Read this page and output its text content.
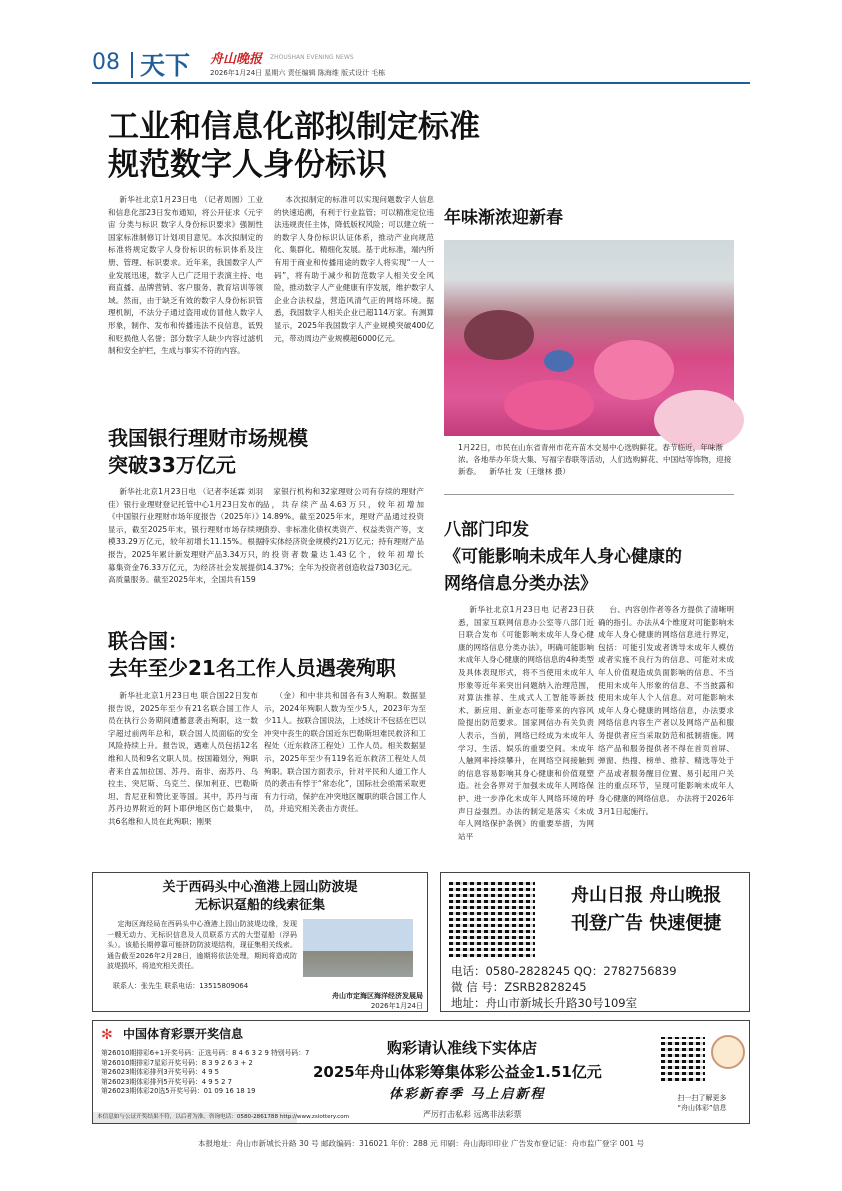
08 天下 舟山晚报 ZHOUSHAN EVENING NEWS
2026年1月24日 星期六 责任编辑 陈海维 版式设计 毛栋
工业和信息化部拟制定标准
规范数字人身份标识
新华社北京1月23日电 （记者周圆）工业和信息化部23日发布通知，将公开征求《元宇宙 分类与标识 数字人身份标识要求》强制性国家标准制修订计划项目意见。本次拟制定的标准将规定数字人身份标识的标识体系及注册、管理、标识要求。近年来，我国数字人产业发展迅速，数字人已广泛用于表演主持、电商直播、品牌营销、客户服务、教育培训等领域。然而，由于缺乏有效的数字人身份标识管理机制，不法分子通过盗用或仿冒他人数字人形象，制作、发布和传播违法不良信息，诋毁和贬损他人名誉；部分数字人缺少内容过滤机制和安全护栏，生成与事实不符的内容。
本次拟制定的标准可以实现问题数字人信息的快速追溯，有利于行业监管；可以精准定位违法违规责任主体，降低版权风险；可以建立统一的数字人身份标识认证体系，推动产业向规范化、集群化、精细化发展。基于此标准，端内所有用于商业和传播用途的数字人将实现“一人一码”，将有助于减少和防范数字人相关安全风险，推动数字人产业健康有序发展，维护数字人企业合法权益，营造风清气正的网络环境。据悉，我国数字人相关企业已超114万家。有测算显示，2025年我国数字人产业规模突破400亿元，带动周边产业规模超6000亿元。
年味渐浓迎新春
1月22日，市民在山东省青州市花卉苗木交易中心选购鲜花。春节临近，年味渐浓。各地举办年货大集、写福字春联等活动，人们选购鲜花、中国结等饰物，迎接新春。 新华社 发（王继林 摄）
我国银行理财市场规模
突破33万亿元
新华社北京1月23日电 （记者李延霖 刘羽佳）银行业理财登记托管中心1月23日发布的《中国银行业理财市场年度报告（2025年）》显示，截至2025年末，银行理财市场存续规模33.29万亿元，较年初增长11.15%。根据报告，2025年累计新发理财产品3.34万只，募集资金76.33万亿元，为经济社会发展提供高质量服务。截至2025年末，全国共有159
家银行机构和32家理财公司有存续的理财产品，共存续产品4.63万只，较年初增加14.89%。截至2025年末，理财产品通过投资债券、非标准化债权类资产、权益类资产等，支持实体经济资金规模约21万亿元；持有理财产品的投资者数量达1.43亿个，较年初增长14.37%；全年为投资者创造收益7303亿元。
联合国：
去年至少21名工作人员遇袭殉职
新华社北京1月23日电 联合国22日发布报告说，2025年至少有21名联合国工作人员在执行公务期间遭蓄意袭击殉职，这一数字超过前两年总和，联合国人员面临的安全风险持续上升。报告说，遇难人员包括12名维和人员和9名文职人员。按国籍划分，殉职者来自孟加拉国、苏丹、南非、南苏丹、乌拉圭、突尼斯、乌克兰、保加利亚、巴勒斯坦、肯尼亚和赞比亚等国。其中，苏丹与南苏丹边界附近的阿卜耶伊地区伤亡最集中，共6名维和人员在此殉职；刚果
（金）和中非共和国各有3人殉职。数据显示，2024年殉职人数为至少5人，2023年为至少11人。按联合国说法，上述统计不包括在巴以冲突中丧生的联合国近东巴勒斯坦难民救济和工程处（近东救济工程处）工作人员。相关数据显示，2025年至少有119名近东救济工程处人员殉职。联合国方面表示，针对平民和人道工作人员的袭击有悖于“常态化”，国际社会亟需采取更有力行动，保护在冲突地区履职的联合国工作人员，并追究相关袭击方责任。
八部门印发
《可能影响未成年人身心健康的
网络信息分类办法》
新华社北京1月23日电 记者23日获悉，国家互联网信息办公室等八部门近日联合发布《可能影响未成年人身心健康的网络信息分类办法》，明确可能影响未成年人身心健康的网络信息的4种类型及具体表现形式，将不当使用未成年人形象等近年来突出问题纳入治理范围，对算法推荐、生成式人工智能等新技术、新应用、新业态可能带来的内容风险提出防范要求。国家网信办有关负责人表示，当前，网络已经成为未成年人学习、生活、娱乐的重要空间。未成年人触网率持续攀升，在网络空间接触到的信息容易影响其身心健康和价值观塑造。社会各界对于加强未成年人网络保护、进一步净化未成年人网络环境的呼声日益强烈。办法的制定是落实《未成年人网络保护条例》的重要举措，为网站平
台、内容创作者等各方提供了清晰明确的指引。办法从4个维度对可能影响未成年人身心健康的网络信息进行界定，包括：可能引发或者诱导未成年人模仿或者实施不良行为的信息、可能对未成年人价值观造成负面影响的信息、不当使用未成年人形象的信息、不当披露和使用未成年人个人信息。对可能影响未成年人身心健康的网络信息，办法要求网络信息内容生产者以及网络产品和服务提供者应当采取防范和抵制措施。网络产品和服务提供者不得在首页首屏、弹窗、热搜、榜单、推荐、精选等处于产品或者服务醒目位置、易引起用户关注的重点环节，呈现可能影响未成年人身心健康的网络信息。 办法将于2026年3月1日起施行。
关于西码头中心渔港上园山防波堤
无标识趸船的线索征集
定海区海经局在西码头中心渔港上园山防波堤边缘，发现一艘无动力、无标识信息及人员联系方式的大型趸船（浮码头）。该船长期停靠可能挤防防波堤结构，现征集相关线索。通告截至2026年2月28日，逾期将依法处理，期间将造成防波堤损坏，将追究相关责任。
联系人：张先生 联系电话：13515809064
舟山市定海区海洋经济发展局
2026年1月24日
舟山日报 舟山晚报
刊登广告 快速便捷
电话：0580-2828245 QQ：2782756839
微 信 号：ZSRB2828245
地址：舟山市新城长升路30号109室
✻ 中国体育彩票开奖信息
第26010期排彩6+1开奖号码：正选号码：8 4 6 3 2 9 特别号码：7
第26010期排彩7星彩开奖号码：8 3 9 2 6 3 + 2
第26023期体彩排列3开奖号码：4 9 5
第26023期体彩排列5开奖号码：4 9 5 2 7
第26023期体彩20选5开奖号码：01 09 16 18 19
本信息如与公证开奖结果不符，以后者为准。咨询电话：0580-2861788 http://www.zslottery.com
购彩请认准线下实体店
2025年舟山体彩筹集体彩公益金1.51亿元
体彩新春季 马上启新程
严厉打击私彩 远离非法彩票
扫一扫了解更多
“舟山体彩”信息
本报地址：舟山市新城长升路 30 号 邮政编码：316021 年价：288 元 印刷：舟山海印印业 广告发布登记证：舟市监广登字 001 号
